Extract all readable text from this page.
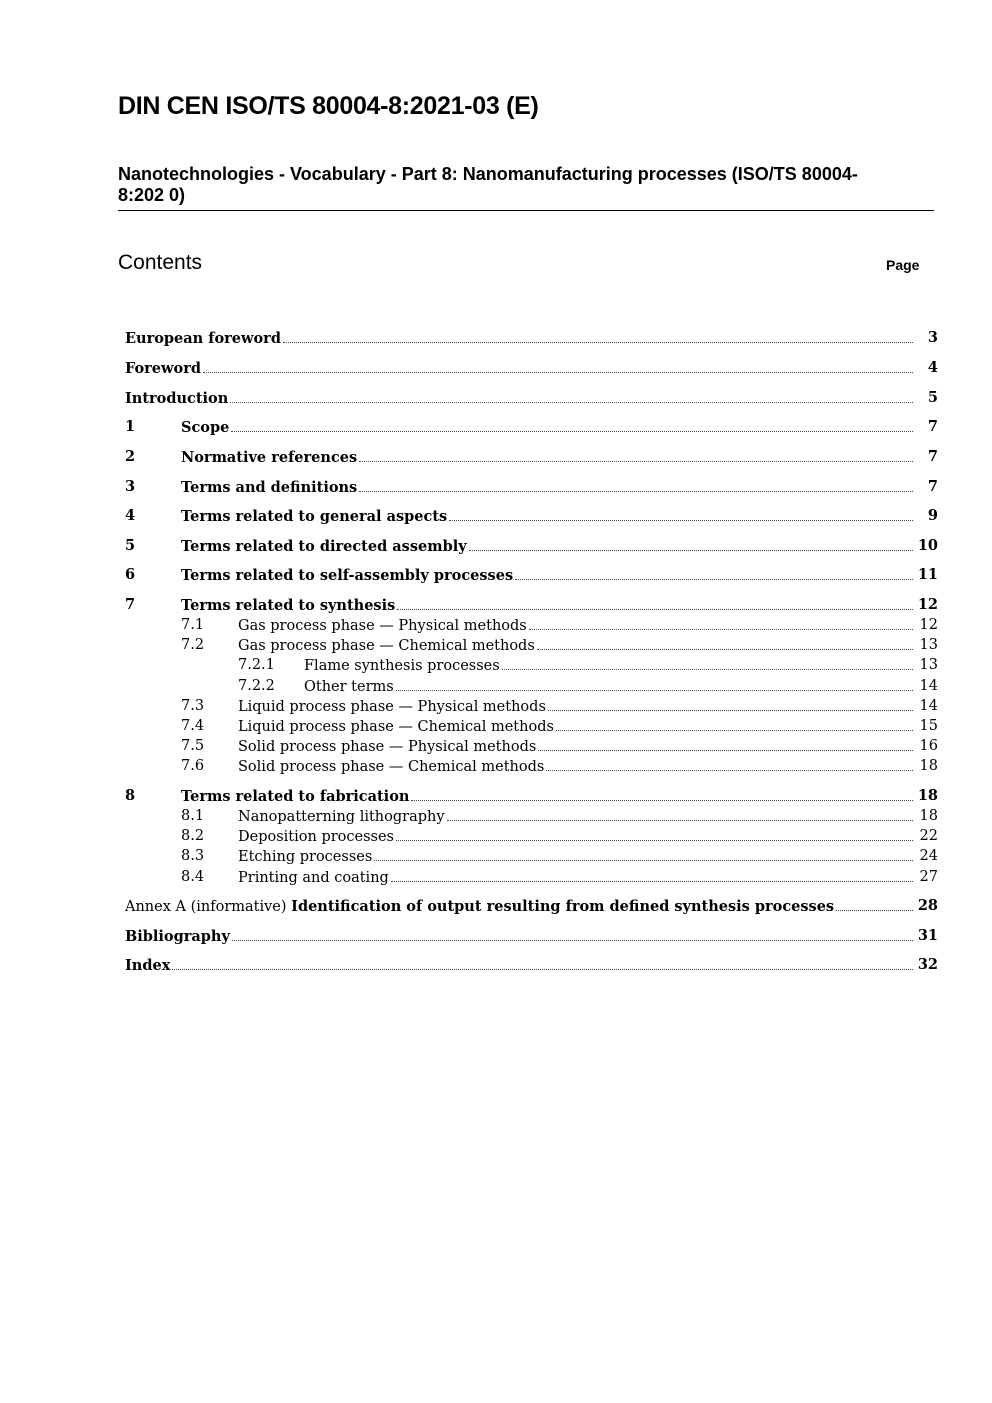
DIN CEN ISO/TS 80004-8:2021-03 (E)
Nanotechnologies - Vocabulary - Part 8: Nanomanufacturing processes (ISO/TS 80004-8:202 0)
Contents	Page
European foreword	3
Foreword	4
Introduction	5
1	Scope	7
2	Normative references	7
3	Terms and definitions	7
4	Terms related to general aspects	9
5	Terms related to directed assembly	10
6	Terms related to self-assembly processes	11
7	Terms related to synthesis	12
7.1 Gas process phase — Physical methods	12
7.2 Gas process phase — Chemical methods	13
7.2.1 Flame synthesis processes	13
7.2.2 Other terms	14
7.3 Liquid process phase — Physical methods	14
7.4 Liquid process phase — Chemical methods	15
7.5 Solid process phase — Physical methods	16
7.6 Solid process phase — Chemical methods	18
8	Terms related to fabrication	18
8.1 Nanopatterning lithography	18
8.2 Deposition processes	22
8.3 Etching processes	24
8.4 Printing and coating	27
Annex A (informative) Identification of output resulting from defined synthesis processes	28
Bibliography	31
Index	32
